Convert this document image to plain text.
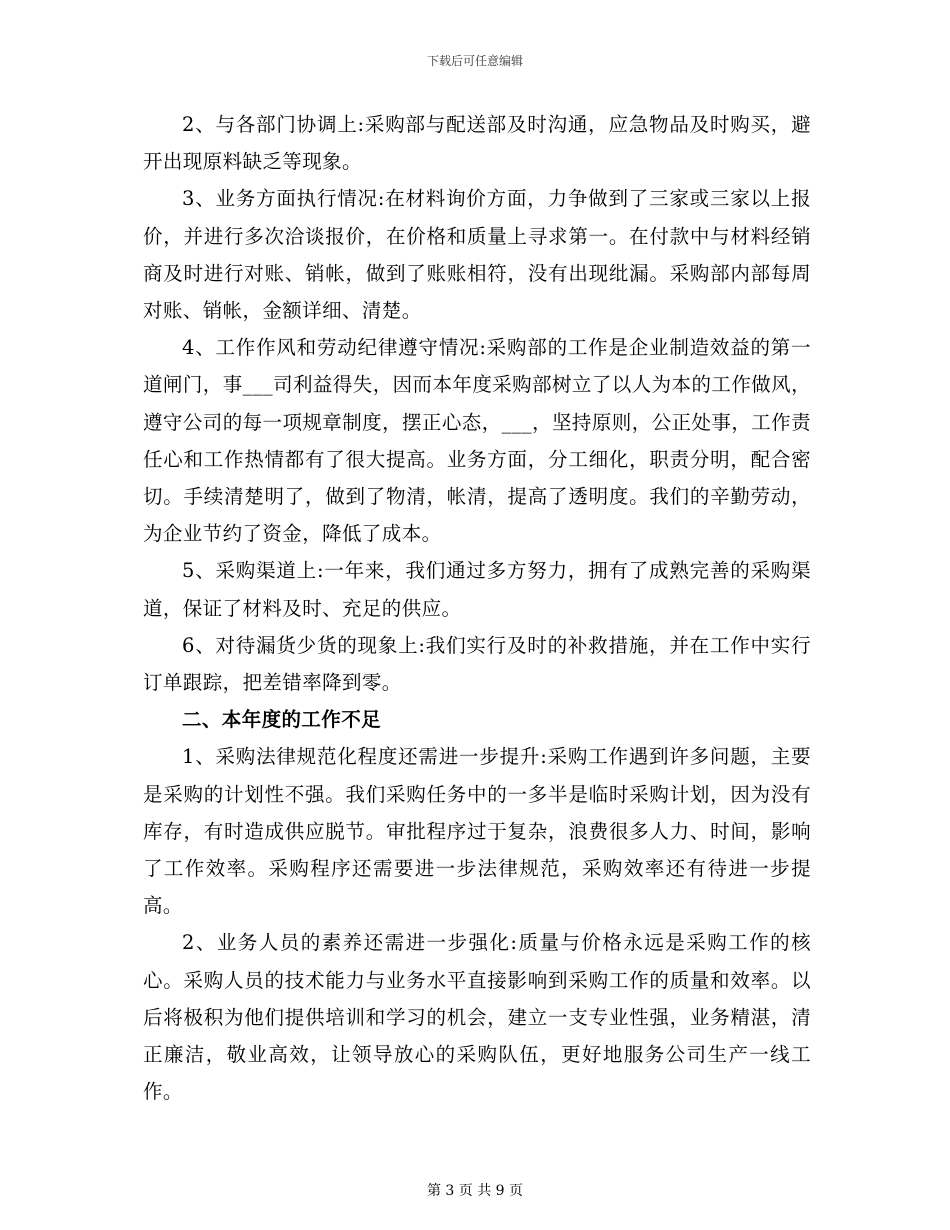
下载后可任意编辑

2、与各部门协调上:采购部与配送部及时沟通，应急物品及时购买，避开出现原料缺乏等现象。

3、业务方面执行情况:在材料询价方面，力争做到了三家或三家以上报价，并进行多次洽谈报价，在价格和质量上寻求第一。在付款中与材料经销商及时进行对账、销帐，做到了账账相符，没有出现纰漏。采购部内部每周对账、销帐，金额详细、清楚。

4、工作作风和劳动纪律遵守情况:采购部的工作是企业制造效益的第一道闸门，事___司利益得失，因而本年度采购部树立了以人为本的工作做风，遵守公司的每一项规章制度，摆正心态，___，坚持原则，公正处事，工作责任心和工作热情都有了很大提高。业务方面，分工细化，职责分明，配合密切。手续清楚明了，做到了物清，帐清，提高了透明度。我们的辛勤劳动，为企业节约了资金，降低了成本。

5、采购渠道上:一年来，我们通过多方努力，拥有了成熟完善的采购渠道，保证了材料及时、充足的供应。

6、对待漏货少货的现象上:我们实行及时的补救措施，并在工作中实行订单跟踪，把差错率降到零。

二、本年度的工作不足

1、采购法律规范化程度还需进一步提升:采购工作遇到许多问题，主要是采购的计划性不强。我们采购任务中的一多半是临时采购计划，因为没有库存，有时造成供应脱节。审批程序过于复杂，浪费很多人力、时间，影响了工作效率。采购程序还需要进一步法律规范，采购效率还有待进一步提高。

2、业务人员的素养还需进一步强化:质量与价格永远是采购工作的核心。采购人员的技术能力与业务水平直接影响到采购工作的质量和效率。以后将极积为他们提供培训和学习的机会，建立一支专业性强，业务精湛，清正廉洁，敬业高效，让领导放心的采购队伍，更好地服务公司生产一线工作。

第 3 页 共 9 页
